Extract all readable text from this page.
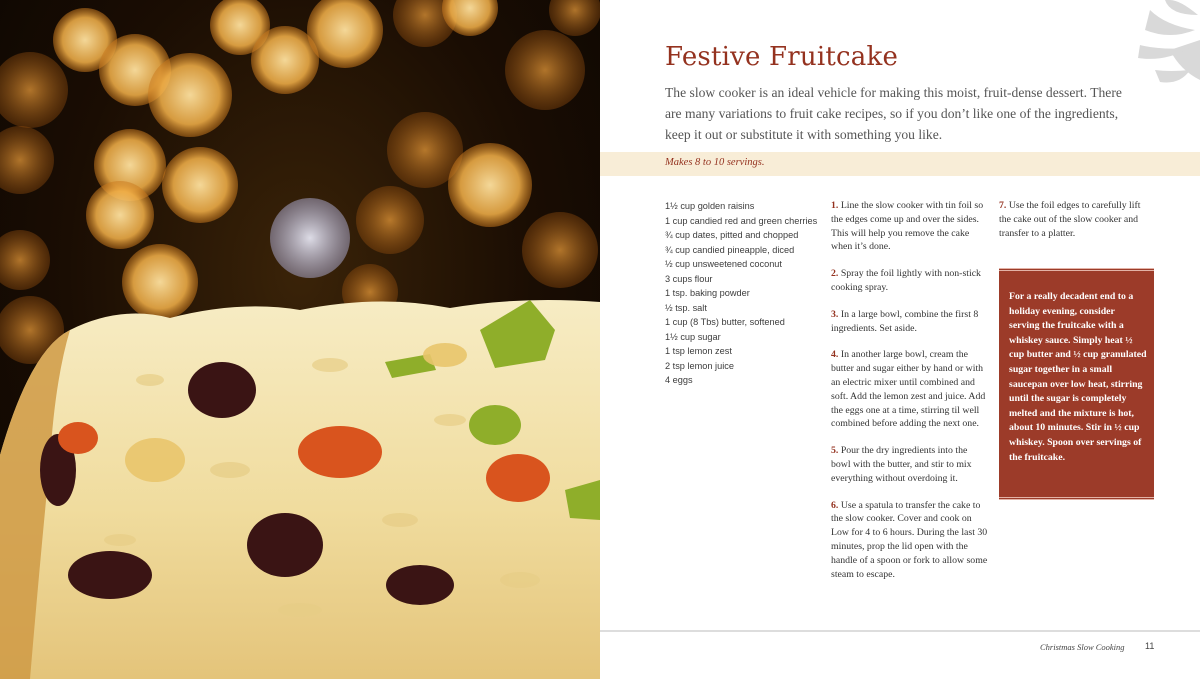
Festive Fruitcake

The slow cooker is an ideal vehicle for making this moist, fruit-dense dessert. There are many variations to fruit cake recipes, so if you don’t like one of the ingredients, keep it out or substitute it with something you like.

Makes 8 to 10 servings.

1½ cup golden raisins
1 cup candied red and green cherries
¾ cup dates, pitted and chopped
¾ cup candied pineapple, diced
½ cup unsweetened coconut
3 cups flour
1 tsp. baking powder
½ tsp. salt
1 cup (8 Tbs) butter, softened
1½ cup sugar
1 tsp lemon zest
2 tsp lemon juice
4 eggs

1. Line the slow cooker with tin foil so the edges come up and over the sides. This will help you remove the cake when it’s done.

2. Spray the foil lightly with non-stick cooking spray.

3. In a large bowl, combine the first 8 ingredients. Set aside.

4. In another large bowl, cream the butter and sugar either by hand or with an electric mixer until combined and soft. Add the lemon zest and juice. Add the eggs one at a time, stirring til well combined before adding the next one.

5. Pour the dry ingredients into the bowl with the butter, and stir to mix everything without overdoing it.

6. Use a spatula to transfer the cake to the slow cooker. Cover and cook on Low for 4 to 6 hours. During the last 30 minutes, prop the lid open with the handle of a spoon or fork to allow some steam to escape.

7. Use the foil edges to carefully lift the cake out of the slow cooker and transfer to a platter.

For a really decadent end to a holiday evening, consider serving the fruitcake with a whiskey sauce. Simply heat ½ cup butter and ½ cup granulated sugar together in a small saucepan over low heat, stirring until the sugar is completely melted and the mixture is hot, about 10 minutes. Stir in ½ cup whiskey. Spoon over servings of the fruitcake.

Christmas Slow Cooking 11
